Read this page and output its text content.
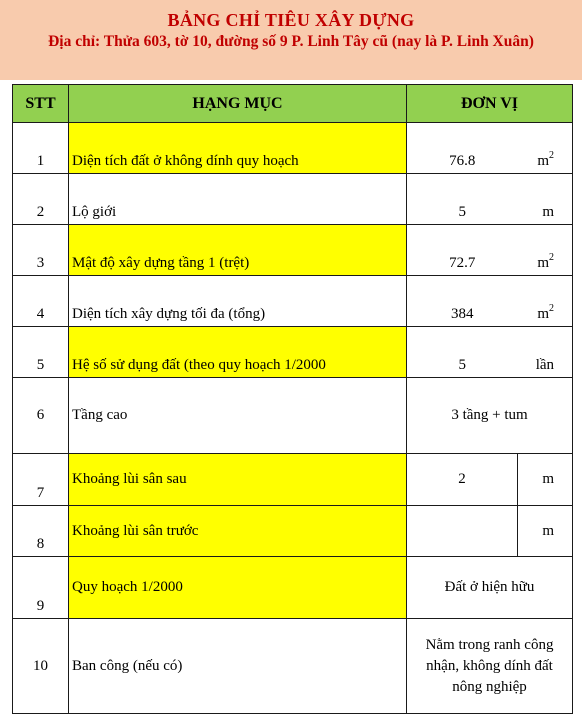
BẢNG CHỈ TIÊU XÂY DỰNG
Địa chỉ: Thửa 603, tờ 10, đường số 9 P. Linh Tây cũ (nay là P. Linh Xuân)
STT	HẠNG MỤC	ĐƠN VỊ	
1	Diện tích đất ở không dính quy hoạch	76.8	$m^2$
2	Lộ giới	5	m
3	Mật độ xây dựng tầng 1 (trệt)	72.7	$m^2$
4	Diện tích xây dựng tối đa (tổng)	384	$m^2$
5	Hệ số sử dụng đất (theo quy hoạch 1/2000	5	lần
6	Tầng cao	3 tầng + tum	
7	Khoảng lùi sân sau	2	m
8	Khoảng lùi sân trước		m
9	Quy hoạch 1/2000	Đất ở hiện hữu	
10	Ban công (nếu có)	Nằm trong ranh công nhận, không dính đất nông nghiệp	
